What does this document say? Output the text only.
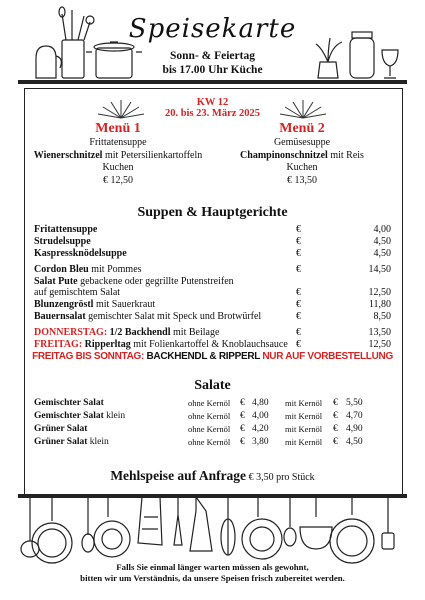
Speisekarte
Sonn- & Feiertag
bis 17.00 Uhr Küche
KW 12
20. bis 23. März 2025
Menü 1
Frittatensuppe
Wienerschnitzel mit Petersilienkartoffeln
Kuchen
€ 12,50
Menü 2
Gemüsesuppe
Champinonschnitzel mit Reis
Kuchen
€ 13,50
Suppen & Hauptgerichte
Fritattensuppe	€	4,00
Strudelsuppe	€	4,50
Kaspressknödelsuppe	€	4,50
Cordon Bleu mit Pommes	€	14,50
Salat Pute gebackene oder gegrillte Putenstreifen
auf gemischtem Salat	€	12,50
Blunzengröstl mit Sauerkraut	€	11,80
Bauernsalat gemischter Salat mit Speck und Brotwürfel	€	8,50
DONNERSTAG: 1/2 Backhendl mit Beilage	€	13,50
FREITAG: Ripperltag mit Folienkartoffel & Knoblauchsauce €	12,50
FREITAG BIS SONNTAG: BACKHENDL & RIPPERL NUR AUF VORBESTELLUNG
Salate
Gemischter Salat	ohne Kernöl € 4,80 mit Kernöl € 5,50
Gemischter Salat klein	ohne Kernöl € 4,00 mit Kernöl € 4,70
Grüner Salat	ohne Kernöl € 4,20 mit Kernöl € 4,90
Grüner Salat klein	ohne Kernöl € 3,80 mit Kernöl € 4,50
Mehlspeise auf Anfrage € 3,50 pro Stück
Falls Sie einmal länger warten müssen als gewohnt,
bitten wir um Verständnis, da unsere Speisen frisch zubereitet werden.
